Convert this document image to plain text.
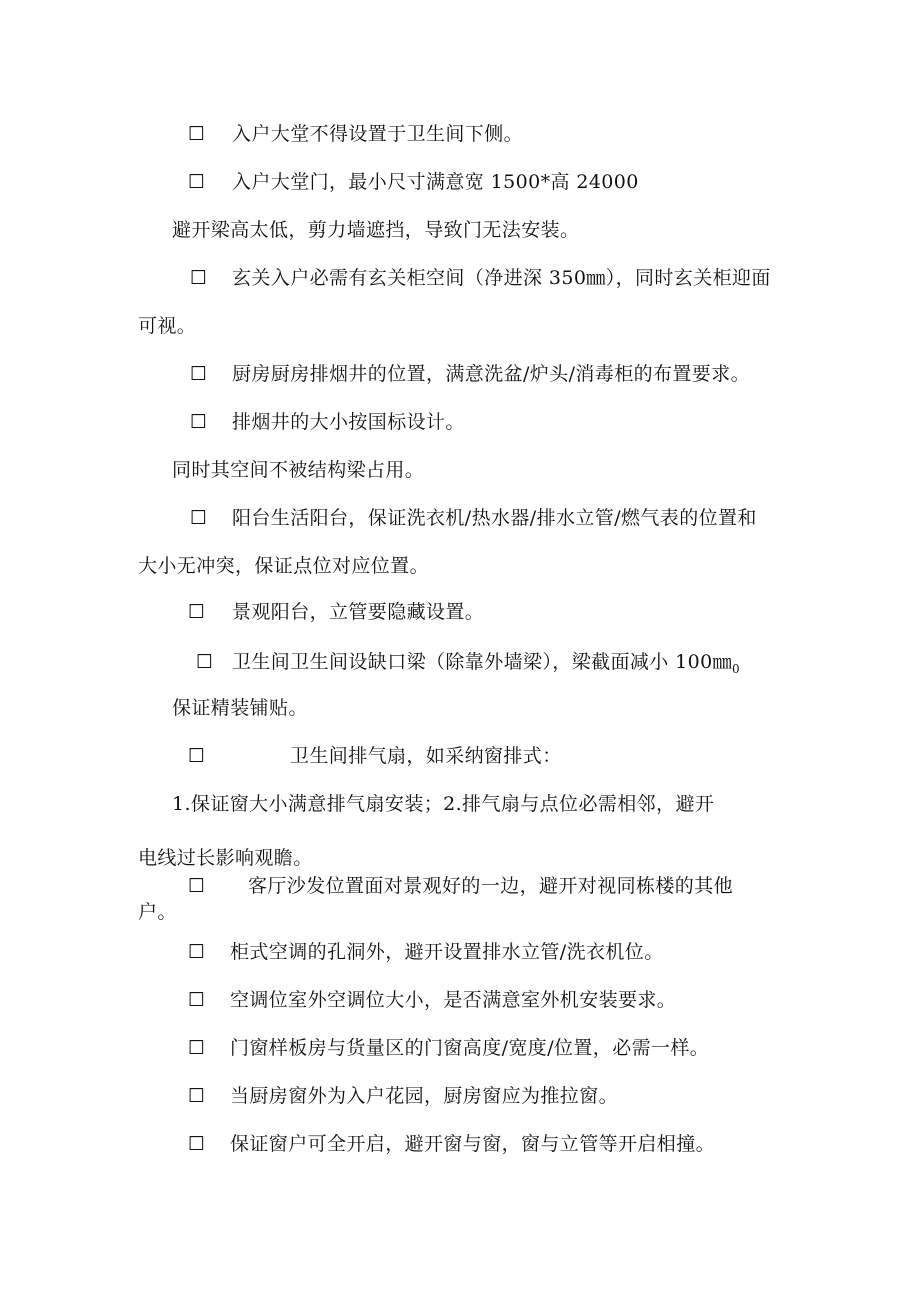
☐ 入户大堂不得设置于卫生间下侧。
☐ 入户大堂门，最小尺寸满意宽 1500*高 24000
避开梁高太低，剪力墙遮挡，导致门无法安装。
☐ 玄关入户必需有玄关柜空间（净进深 350㎜），同时玄关柜迎面
可视。
☐ 厨房厨房排烟井的位置，满意洗盆/炉头/消毒柜的布置要求。
☐ 排烟井的大小按国标设计。
同时其空间不被结构梁占用。
☐ 阳台生活阳台，保证洗衣机/热水器/排水立管/燃气表的位置和
大小无冲突，保证点位对应位置。
☐ 景观阳台，立管要隐藏设置。
☐ 卫生间卫生间设缺口梁（除靠外墙梁），梁截面减小 $100㎜_0$
保证精装铺贴。
☐	卫生间排气扇，如采纳窗排式：
1.保证窗大小满意排气扇安装；2.排气扇与点位必需相邻，避开
电线过长影响观瞻。
☐ 客厅沙发位置面对景观好的一边，避开对视同栋楼的其他
户。
☐ 柜式空调的孔洞外，避开设置排水立管/洗衣机位。
☐ 空调位室外空调位大小，是否满意室外机安装要求。
☐ 门窗样板房与货量区的门窗高度/宽度/位置，必需一样。
☐ 当厨房窗外为入户花园，厨房窗应为推拉窗。
☐ 保证窗户可全开启，避开窗与窗，窗与立管等开启相撞。
